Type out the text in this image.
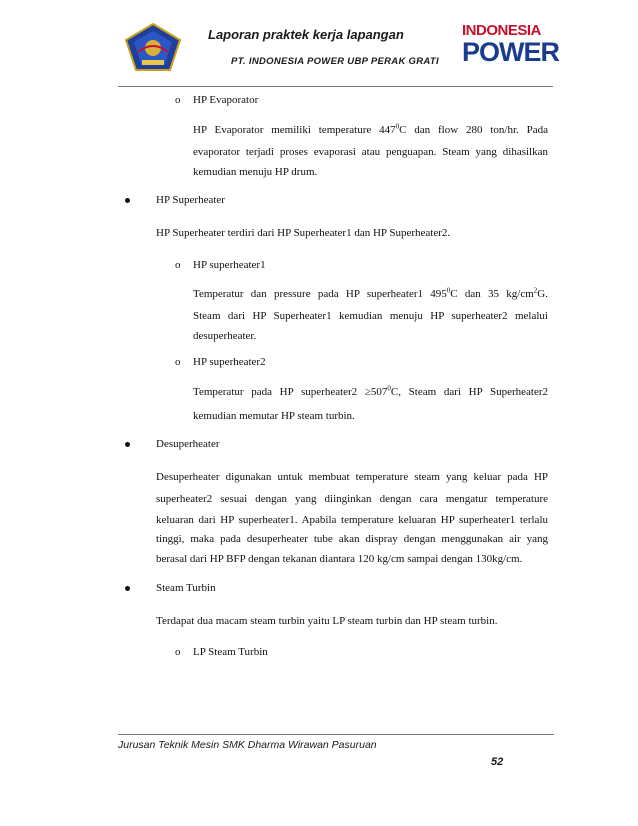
Laporan praktek kerja lapangan
PT. INDONESIA POWER UBP PERAK GRATI
INDONESIA
POWER
o HP Evaporator
HP Evaporator memiliki temperature $447^0C$ dan flow 280 ton/hr. Pada
evaporator terjadi proses evaporasi atau penguapan. Steam yang dihasilkan
kemudian menuju HP drum.
HP Superheater
HP Superheater terdiri dari HP Superheater1 dan HP Superheater2.
o HP superheater1
Temperatur dan pressure pada HP superheater1 $495^0C$ dan 35 $kg/cm^2G$.
Steam dari HP Superheater1 kemudian menuju HP superheater2 melalui
desuperheater.
o HP superheater2
Temperatur pada HP superheater2 $\ge 507^0C$, Steam dari HP Superheater2
kemudian memutar HP steam turbin.
Desuperheater
Desuperheater digunakan untuk membuat temperature steam yang keluar pada HP
superheater2 sesuai dengan yang diinginkan dengan cara mengatur temperature
keluaran dari HP superheater1. Apabila temperature keluaran HP superheater1 terlalu
tinggi, maka pada desuperheater tube akan dispray dengan menggunakan air yang
berasal dari HP BFP dengan tekanan diantara 120 kg/cm sampai dengan 130kg/cm.
Steam Turbin
Terdapat dua macam steam turbin yaitu LP steam turbin dan HP steam turbin.
o LP Steam Turbin
Jurusan Teknik Mesin SMK Dharma Wirawan Pasuruan
52
